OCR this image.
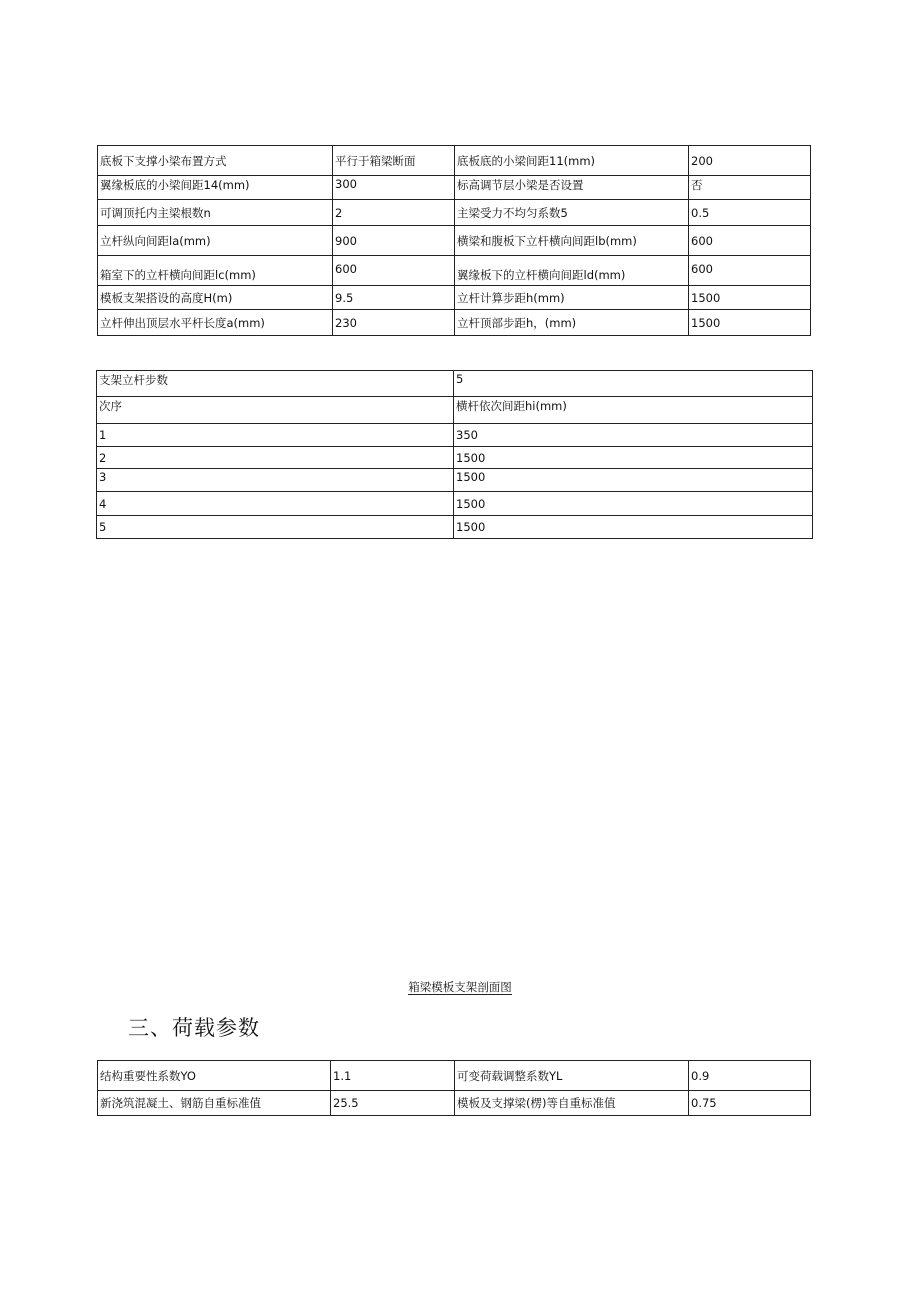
底板下支撑小梁布置方式	平行于箱梁断面	底板底的小梁间距11(mm)	200
翼缘板底的小梁间距14(mm)	300	标高调节层小梁是否设置	否
可调顶托内主梁根数n	2	主梁受力不均匀系数5	0.5
立杆纵向间距la(mm)	900	横梁和腹板下立杆横向间距lb(mm)	600
箱室下的立杆横向间距lc(mm)	600	翼缘板下的立杆横向间距ld(mm)	600
模板支架搭设的高度H(m)	9.5	立杆计算步距h(mm)	1500
立杆伸出顶层水平杆长度a(mm)	230	立杆顶部步距h，(mm)	1500
支架立杆步数	5
次序	横杆依次间距hi(mm)
1	350
2	1500
3	1500
4	1500
5	1500
箱梁模板支架剖面图
三、荷载参数
结构重要性系数YO	1.1	可变荷载调整系数YL	0.9
新浇筑混凝土、钢筋自重标准值	25.5	模板及支撑梁(楞)等自重标准值	0.75
